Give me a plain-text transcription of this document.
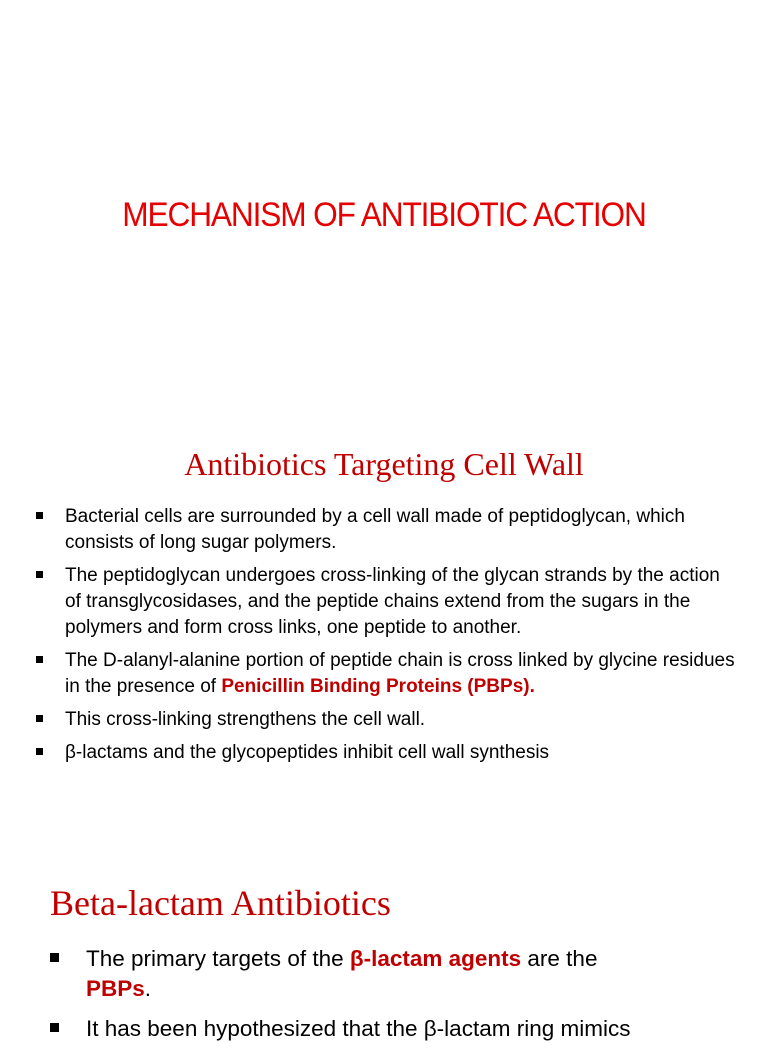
MECHANISM OF ANTIBIOTIC ACTION
Antibiotics Targeting Cell Wall
Bacterial cells are surrounded by a cell wall made of peptidoglycan, which consists of long sugar polymers.
The peptidoglycan undergoes cross-linking of the glycan strands by the action of transglycosidases, and the peptide chains extend from the sugars in the polymers and form cross links, one peptide to another.
The D-alanyl-alanine portion of peptide chain is cross linked by glycine residues in the presence of Penicillin Binding Proteins (PBPs).
This cross-linking strengthens the cell wall.
β-lactams and the glycopeptides inhibit cell wall synthesis
Beta-lactam Antibiotics
The primary targets of the β-lactam agents are the
PBPs.
It has been hypothesized that the β-lactam ring mimics
